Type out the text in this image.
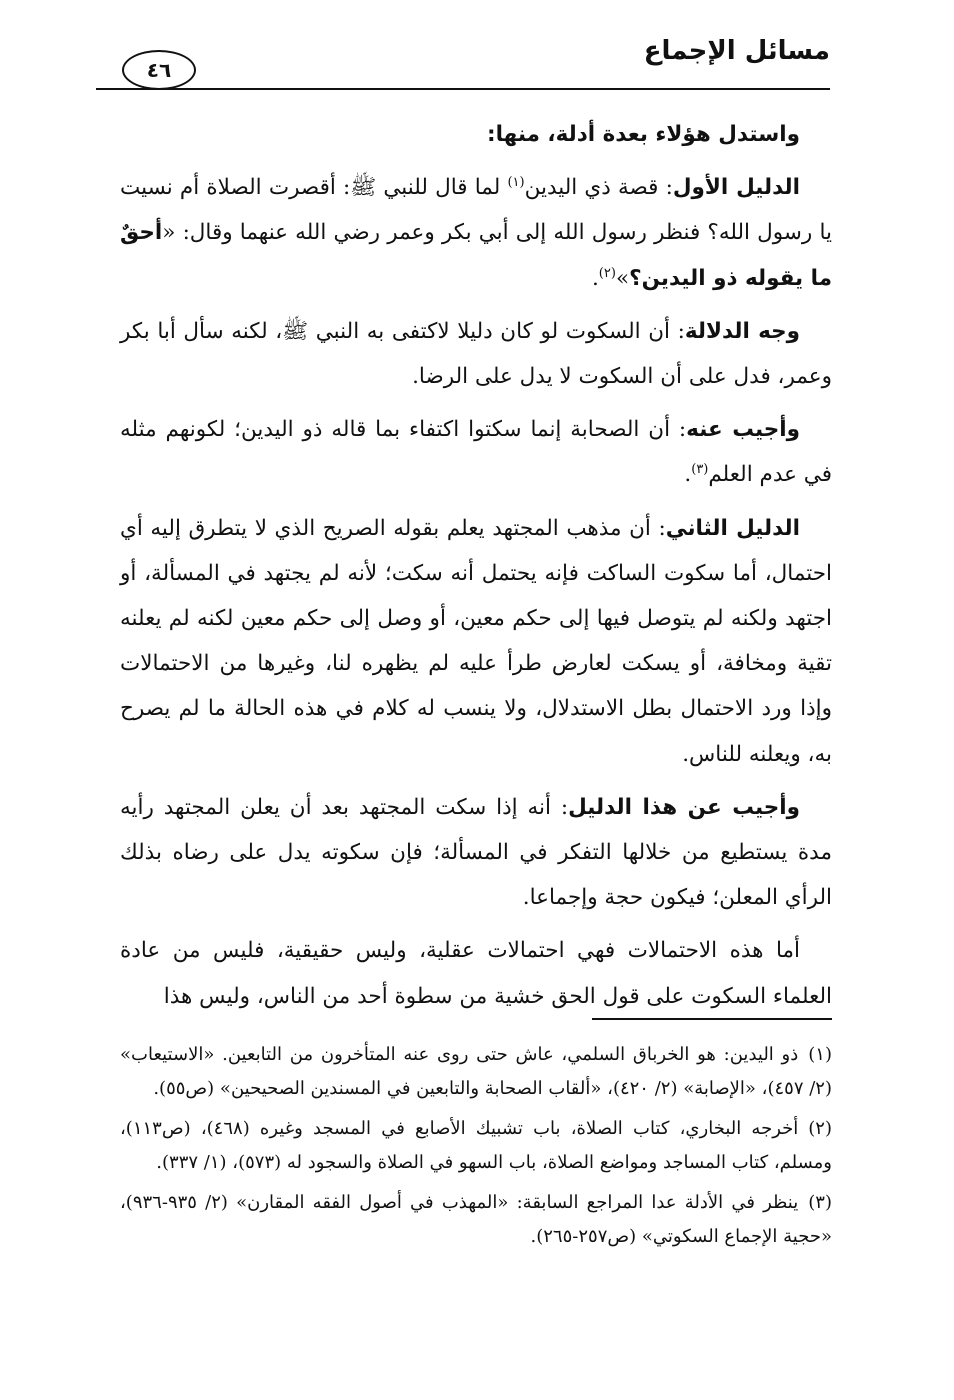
مسائل الإجماع
٤٦

واستدل هؤلاء بعدة أدلة، منها:

الدليل الأول: قصة ذي اليدين$^{(١)}$ لما قال للنبي ﷺ: أقصرت الصلاة أم نسيت يا رسول الله؟ فنظر رسول الله إلى أبي بكر وعمر رضي الله عنهما وقال: «أحقٌ ما يقوله ذو اليدين؟»$^{(٢)}$.

وجه الدلالة: أن السكوت لو كان دليلا لاكتفى به النبي ﷺ، لكنه سأل أبا بكر وعمر، فدل على أن السكوت لا يدل على الرضا.

وأجيب عنه: أن الصحابة إنما سكتوا اكتفاء بما قاله ذو اليدين؛ لكونهم مثله في عدم العلم$^{(٣)}$.

الدليل الثاني: أن مذهب المجتهد يعلم بقوله الصريح الذي لا يتطرق إليه أي احتمال، أما سكوت الساكت فإنه يحتمل أنه سكت؛ لأنه لم يجتهد في المسألة، أو اجتهد ولكنه لم يتوصل فيها إلى حكم معين، أو وصل إلى حكم معين لكنه لم يعلنه تقية ومخافة، أو يسكت لعارض طرأ عليه لم يظهره لنا، وغيرها من الاحتمالات وإذا ورد الاحتمال بطل الاستدلال، ولا ينسب له كلام في هذه الحالة ما لم يصرح به، ويعلنه للناس.

وأجيب عن هذا الدليل: أنه إذا سكت المجتهد بعد أن يعلن المجتهد رأيه مدة يستطيع من خلالها التفكر في المسألة؛ فإن سكوته يدل على رضاه بذلك الرأي المعلن؛ فيكون حجة وإجماعا.

أما هذه الاحتمالات فهي احتمالات عقلية، وليس حقيقية، فليس من عادة العلماء السكوت على قول الحق خشية من سطوة أحد من الناس، وليس هذا

(١)ذو اليدين: هو الخرباق السلمي، عاش حتى روى عنه المتأخرون من التابعين. «الاستيعاب» (٢/ ٤٥٧)، «الإصابة» (٢/ ٤٢٠)، «ألقاب الصحابة والتابعين في المسندين الصحيحين» (ص٥٥).

(٢)أخرجه البخاري، كتاب الصلاة، باب تشبيك الأصابع في المسجد وغيره (٤٦٨)، (ص١١٣)، ومسلم، كتاب المساجد ومواضع الصلاة، باب السهو في الصلاة والسجود له (٥٧٣)، (١/ ٣٣٧).

(٣)ينظر في الأدلة عدا المراجع السابقة: «المهذب في أصول الفقه المقارن» (٢/ ٩٣٥-٩٣٦)، «حجية الإجماع السكوتي» (ص٢٥٧-٢٦٥).
